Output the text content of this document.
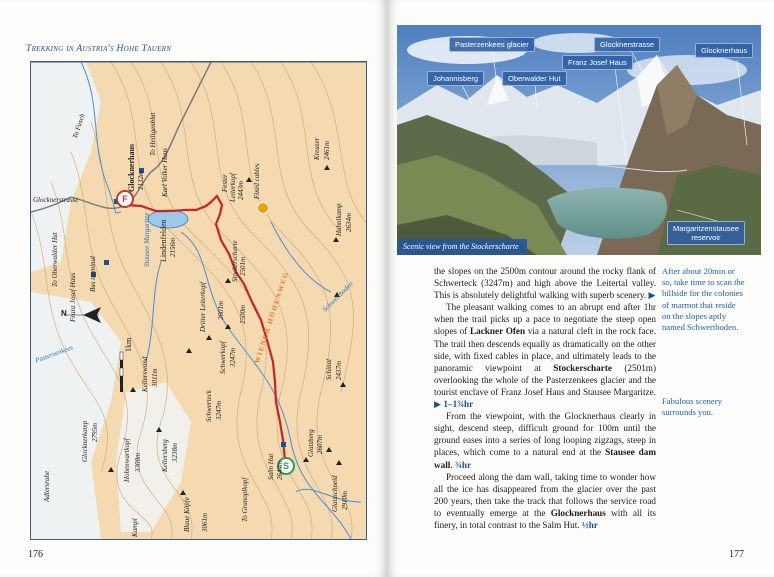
Trekking in Austria's Hohe Tauern
F
S
To Fusch	To Heiligenblut
Glocknerhaus 2132m
Glocknerstrasse
Karl Volker Haus
Lindenfelden 2156m
Stausee Margaritze
To Oberwalder Hut	Bus terminal
Franz Josef Haus
Pasterzenkees
Fester Leiterkopf 2443m Fixed cables
Stockerscharte 2501m
Dritter Leiterkopf 2601m	WIENER HÖHENWEG
2500m
Schwerkopf 3247m
Kreuzer 2461m
Hahnlkamp 2634m
Schwertboden
Schinal 2437m
Glatzberg 2607m
Glatzschneid 2910m
Salm Hut 2644m
To Granoplkopf
Schwerteck 3247m
Kellersberg 3238m
Kellerswand 3011m
Hohenwartkopf 3308m
Glocknerkamp 2795m
Adlersruhe
Kampl	Blaue Köpfe 3061m
1km
N
176
Pasterzenkees glacier	Glocknerstrasse
Glocknerhaus
Franz Josef Haus
Johannisberg	Oberwalder Hut
Margaritzenstausee
reservoir
Scenic view from the Stockerscharte

the slopes on the 2500m contour around the rocky flank of Schwerteck (3247m) and high above the Leitertal valley. This is absolutely delightful walking with superb scenery. ▶

The pleasant walking comes to an abrupt end after 1hr when the trail picks up a pace to negotiate the steep open slopes of Lackner Ofen via a natural cleft in the rock face. The trail then descends equally as dramatically on the other side, with fixed cables in place, and ultimately leads to the panoramic viewpoint at Stockerscharte (2501m) overlooking the whole of the Pasterzenkees glacier and the tourist enclave of Franz Josef Haus and Stausee Margaritze. ▶ 1–1¾hr

From the viewpoint, with the Glocknerhaus clearly in sight, descend steep, difficult ground for 100m until the ground eases into a series of long looping zigzags, steep in places, which come to a natural end at the Stausee dam wall. ¾hr

Proceed along the dam wall, taking time to wonder how all the ice has disappeared from the glacier over the past 200 years, then take the track that follows the service road to eventually emerge at the Glocknerhaus with all its finery, in total contrast to the Salm Hut. ½hr

After about 20min or so, take time to scan the hillside for the colonies of marmot that reside on the slopes aptly named Schwertboden.
Fabulous scenery surrounds you.
177
